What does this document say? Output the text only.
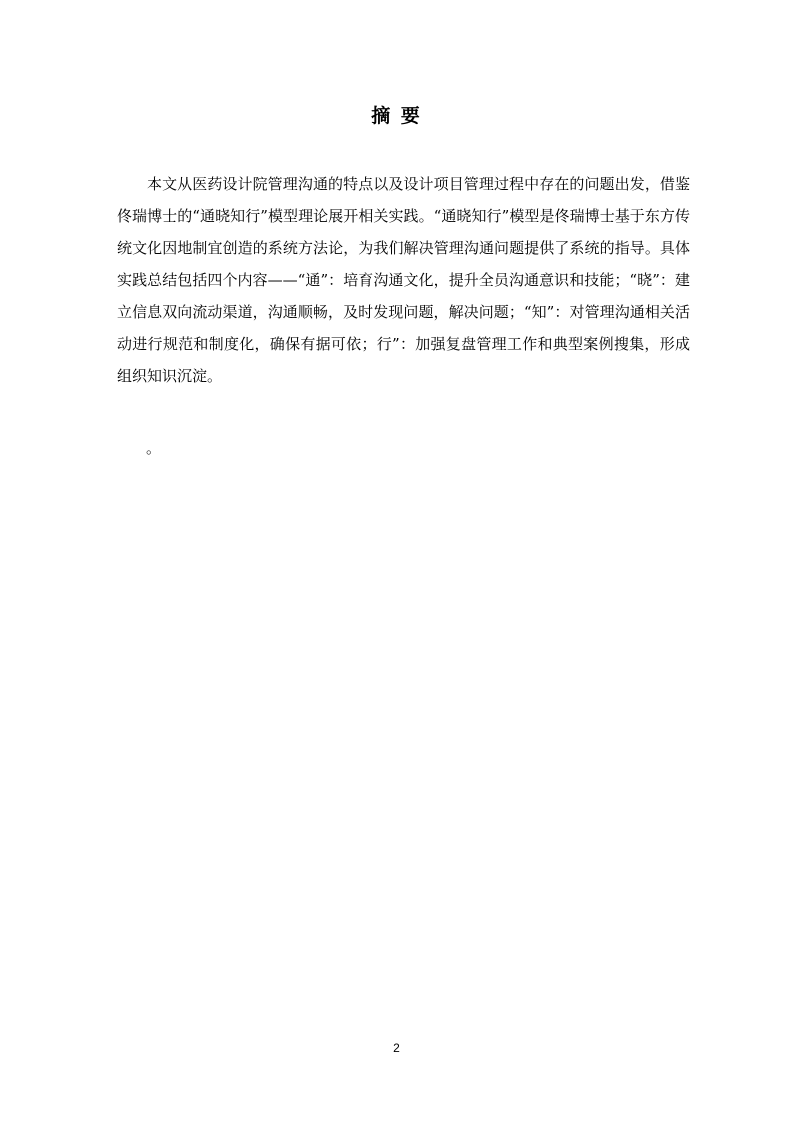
摘 要

本文从医药设计院管理沟通的特点以及设计项目管理过程中存在的问题出发，借鉴佟瑞博士的“通晓知行”模型理论展开相关实践。“通晓知行”模型是佟瑞博士基于东方传统文化因地制宜创造的系统方法论，为我们解决管理沟通问题提供了系统的指导。具体实践总结包括四个内容——“通”：培育沟通文化，提升全员沟通意识和技能；“晓”：建立信息双向流动渠道，沟通顺畅，及时发现问题，解决问题；“知”：对管理沟通相关活动进行规范和制度化，确保有据可依；行”：加强复盘管理工作和典型案例搜集，形成组织知识沉淀。

。
2
